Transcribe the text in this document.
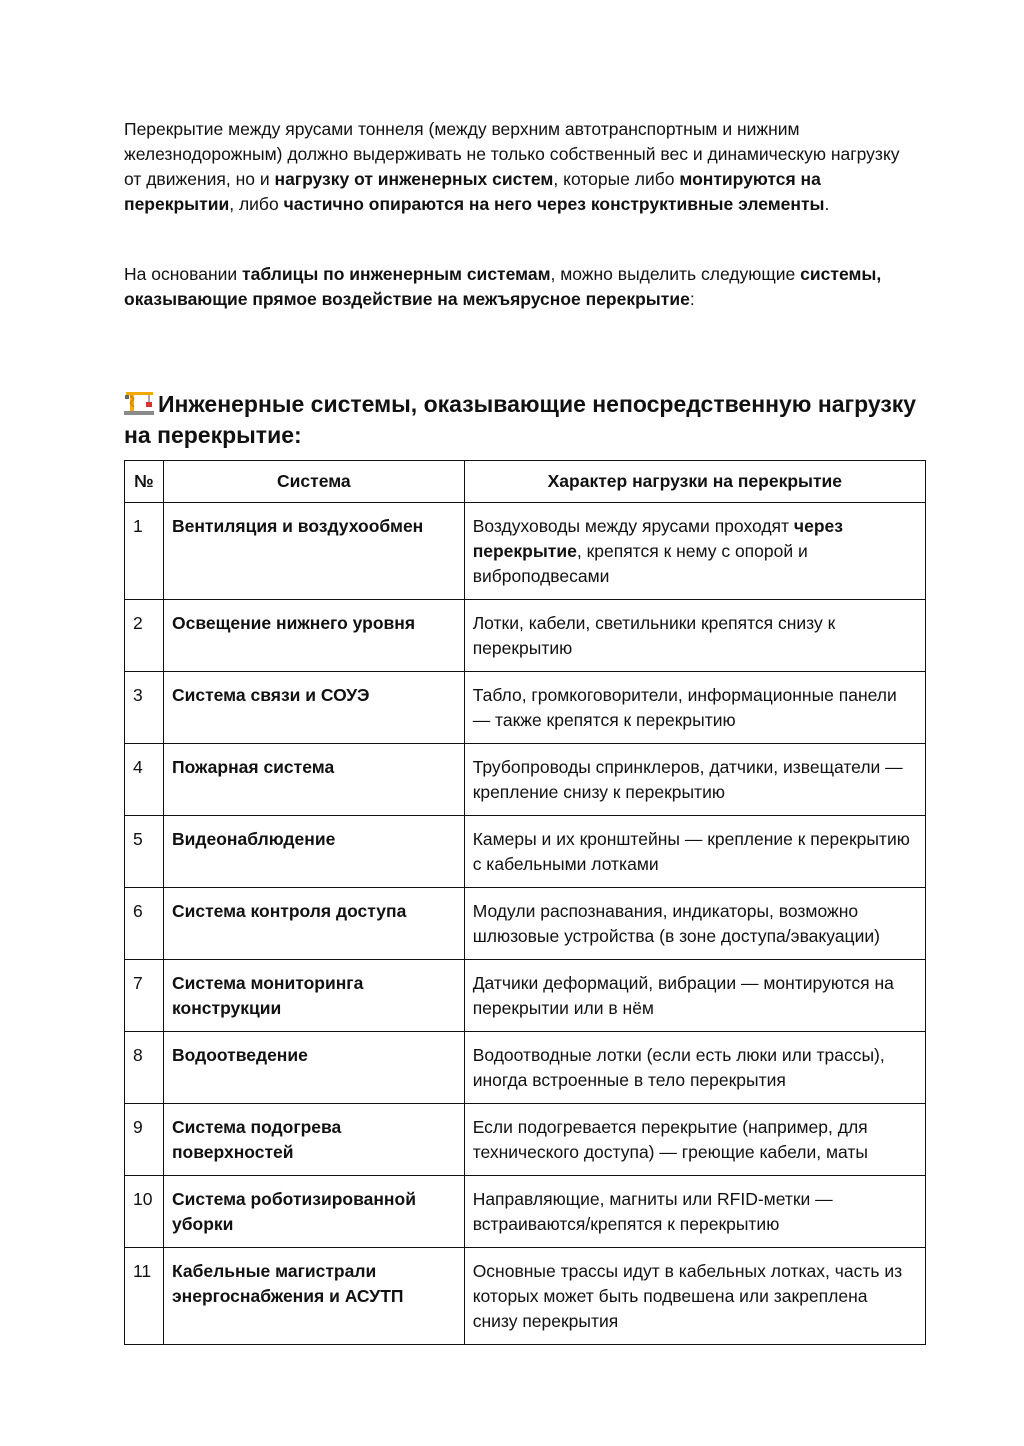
Перекрытие между ярусами тоннеля (между верхним автотранспортным и нижним железнодорожным) должно выдерживать не только собственный вес и динамическую нагрузку от движения, но и нагрузку от инженерных систем, которые либо монтируются на перекрытии, либо частично опираются на него через конструктивные элементы.

На основании таблицы по инженерным системам, можно выделить следующие системы, оказывающие прямое воздействие на межъярусное перекрытие:

Инженерные системы, оказывающие непосредственную нагрузку на перекрытие:
№	Система	Характер нагрузки на перекрытие

1	Вентиляция и воздухообмен	Воздуховоды между ярусами проходят через перекрытие, крепятся к нему с опорой и виброподвесами

2	Освещение нижнего уровня	Лотки, кабели, светильники крепятся снизу к перекрытию

3	Система связи и СОУЭ	Табло, громкоговорители, информационные панели — также крепятся к перекрытию

4	Пожарная система	Трубопроводы спринклеров, датчики, извещатели — крепление снизу к перекрытию

5	Видеонаблюдение	Камеры и их кронштейны — крепление к перекрытию с кабельными лотками

6	Система контроля доступа	Модули распознавания, индикаторы, возможно шлюзовые устройства (в зоне доступа/эвакуации)

7	Система мониторинга конструкции	Датчики деформаций, вибрации — монтируются на перекрытии или в нём

8	Водоотведение	Водоотводные лотки (если есть люки или трассы), иногда встроенные в тело перекрытия

9	Система подогрева поверхностей	Если подогревается перекрытие (например, для технического доступа) — греющие кабели, маты

10	Система роботизированной уборки	Направляющие, магниты или RFID-метки — встраиваются/крепятся к перекрытию

11	Кабельные магистрали энергоснабжения и АСУТП	Основные трассы идут в кабельных лотках, часть из которых может быть подвешена или закреплена снизу перекрытия
